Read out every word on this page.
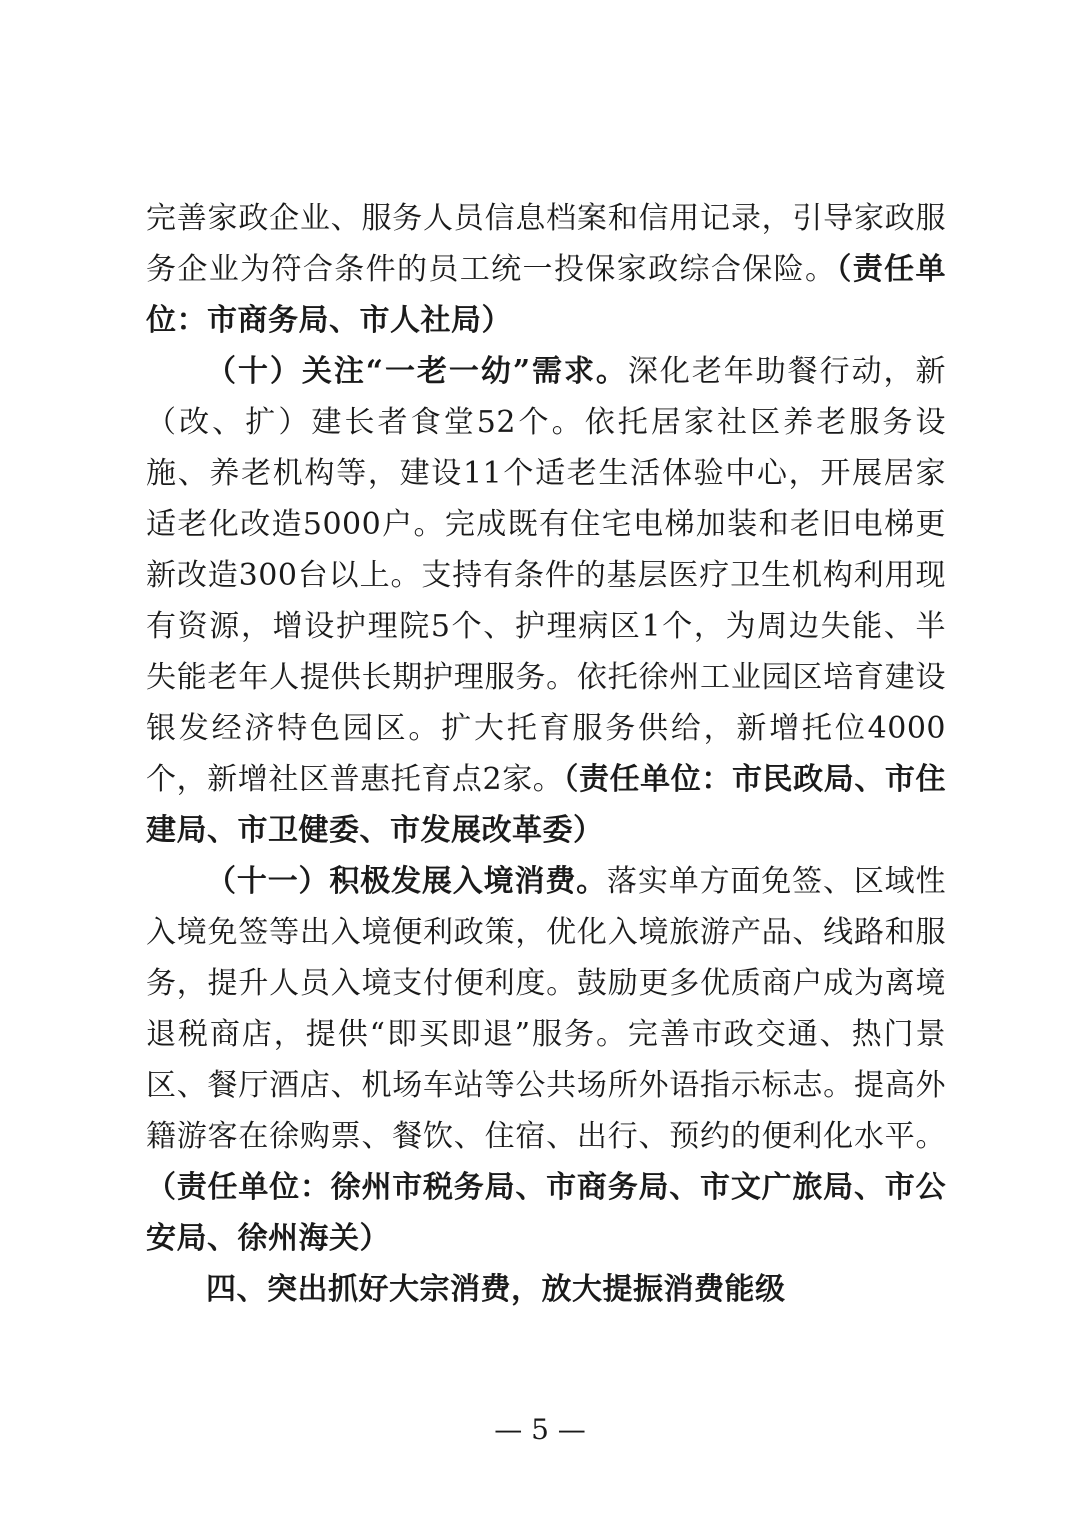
完善家政企业、服务人员信息档案和信用记录，引导家政服务企业为符合条件的员工统一投保家政综合保险。（责任单位：市商务局、市人社局）

（十）关注“一老一幼”需求。深化老年助餐行动，新（改、扩）建长者食堂52个。依托居家社区养老服务设施、养老机构等，建设11个适老生活体验中心，开展居家适老化改造5000户。完成既有住宅电梯加装和老旧电梯更新改造300台以上。支持有条件的基层医疗卫生机构利用现有资源，增设护理院5个、护理病区1个，为周边失能、半失能老年人提供长期护理服务。依托徐州工业园区培育建设银发经济特色园区。扩大托育服务供给，新增托位4000个，新增社区普惠托育点2家。（责任单位：市民政局、市住建局、市卫健委、市发展改革委）

（十一）积极发展入境消费。落实单方面免签、区域性入境免签等出入境便利政策，优化入境旅游产品、线路和服务，提升人员入境支付便利度。鼓励更多优质商户成为离境退税商店，提供“即买即退”服务。完善市政交通、热门景区、餐厅酒店、机场车站等公共场所外语指示标志。提高外籍游客在徐购票、餐饮、住宿、出行、预约的便利化水平。（责任单位：徐州市税务局、市商务局、市文广旅局、市公安局、徐州海关）

四、突出抓好大宗消费，放大提振消费能级

— 5 —
